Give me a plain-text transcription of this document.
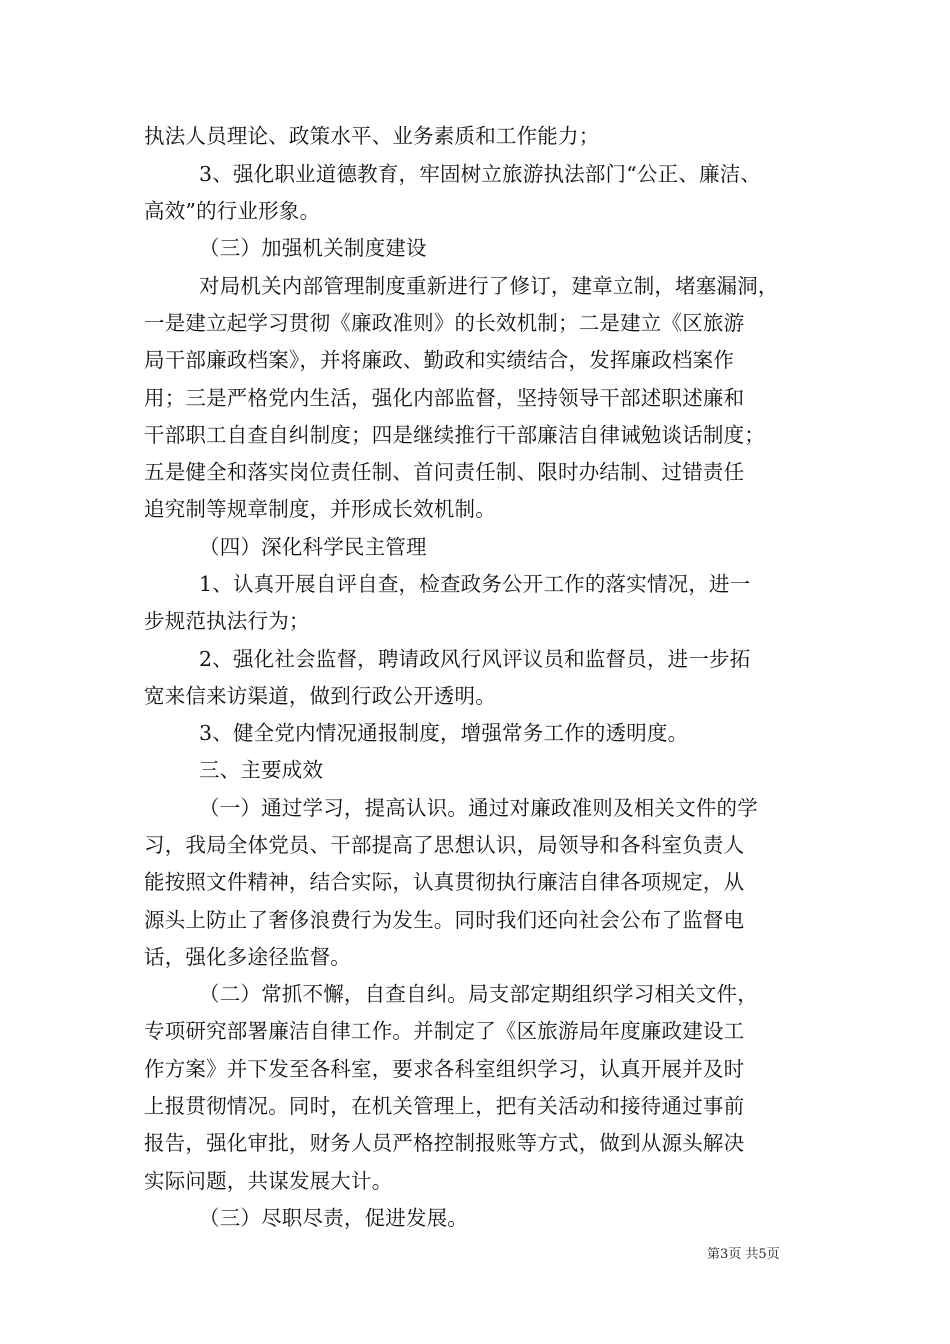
执法人员理论、政策水平、业务素质和工作能力；
3、强化职业道德教育，牢固树立旅游执法部门“公正、廉洁、
高效”的行业形象。
（三）加强机关制度建设
对局机关内部管理制度重新进行了修订，建章立制，堵塞漏洞，
一是建立起学习贯彻《廉政准则》的长效机制；二是建立《区旅游
局干部廉政档案》，并将廉政、勤政和实绩结合，发挥廉政档案作
用；三是严格党内生活，强化内部监督，坚持领导干部述职述廉和
干部职工自查自纠制度；四是继续推行干部廉洁自律诫勉谈话制度；
五是健全和落实岗位责任制、首问责任制、限时办结制、过错责任
追究制等规章制度，并形成长效机制。
（四）深化科学民主管理
1、认真开展自评自查，检查政务公开工作的落实情况，进一
步规范执法行为；
2、强化社会监督，聘请政风行风评议员和监督员，进一步拓
宽来信来访渠道，做到行政公开透明。
3、健全党内情况通报制度，增强常务工作的透明度。
三、主要成效
（一）通过学习，提高认识。通过对廉政准则及相关文件的学
习，我局全体党员、干部提高了思想认识，局领导和各科室负责人
能按照文件精神，结合实际，认真贯彻执行廉洁自律各项规定，从
源头上防止了奢侈浪费行为发生。同时我们还向社会公布了监督电
话，强化多途径监督。
（二）常抓不懈，自查自纠。局支部定期组织学习相关文件，
专项研究部署廉洁自律工作。并制定了《区旅游局年度廉政建设工
作方案》并下发至各科室，要求各科室组织学习，认真开展并及时
上报贯彻情况。同时，在机关管理上，把有关活动和接待通过事前
报告，强化审批，财务人员严格控制报账等方式，做到从源头解决
实际问题，共谋发展大计。
（三）尽职尽责，促进发展。
第3页 共5页
